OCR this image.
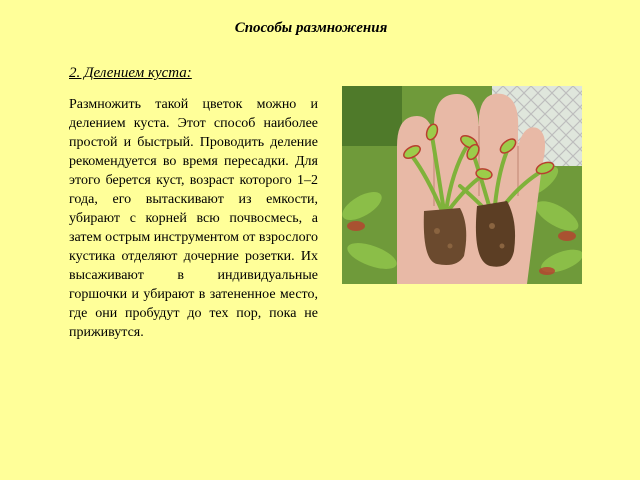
Способы размножения
2. Делением куста:

Размножить такой цветок можно и делением куста. Этот способ наиболее простой и быстрый. Проводить деление рекомендуется во время пересадки. Для этого берется куст, возраст которого 1–2 года, его вытаскивают из емкости, убирают с корней всю почвосмесь, а затем острым инструментом от взрослого кустика отделяют дочерние розетки. Их высаживают в индивидуальные горшочки и убирают в затененное место, где они пробудут до тех пор, пока не приживутся.
